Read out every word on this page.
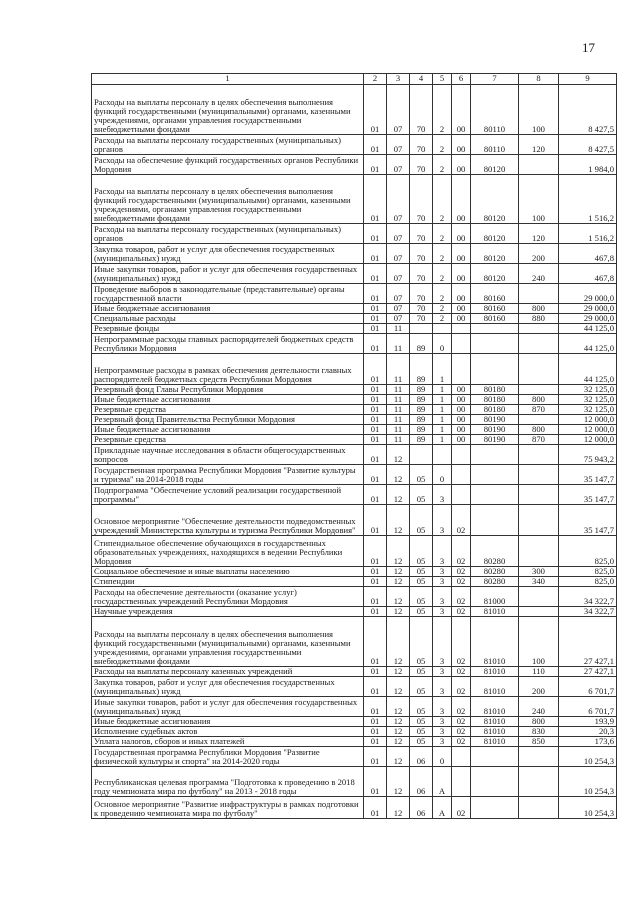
17
1	2	3	4	5	6	7	8	9
Расходы на выплаты персоналу в целях обеспечения выполнения функций государственными (муниципальными) органами, казенными учреждениями, органами управления государственными внебюджетными фондами	01	07	70	2	00	80110	100	8 427,5
Расходы на выплаты персоналу государственных (муниципальных) органов	01	07	70	2	00	80110	120	8 427,5
Расходы на обеспечение функций государственных органов Республики Мордовия	01	07	70	2	00	80120		1 984,0
Расходы на выплаты персоналу в целях обеспечения выполнения функций государственными (муниципальными) органами, казенными учреждениями, органами управления государственными внебюджетными фондами	01	07	70	2	00	80120	100	1 516,2
Расходы на выплаты персоналу государственных (муниципальных) органов	01	07	70	2	00	80120	120	1 516,2
Закупка товаров, работ и услуг для обеспечения государственных (муниципальных) нужд	01	07	70	2	00	80120	200	467,8
Иные закупки товаров, работ и услуг для обеспечения государственных (муниципальных) нужд	01	07	70	2	00	80120	240	467,8
Проведение выборов в законодательные (представительные) органы государственной власти	01	07	70	2	00	80160		29 000,0
Иные бюджетные ассигнования	01	07	70	2	00	80160	800	29 000,0
Специальные расходы	01	07	70	2	00	80160	880	29 000,0
Резервные фонды	01	11						44 125,0
Непрограммные расходы главных распорядителей бюджетных средств Республики Мордовия	01	11	89	0				44 125,0
Непрограммные расходы в рамках обеспечения деятельности главных распорядителей бюджетных средств Республики Мордовия	01	11	89	1				44 125,0
Резервный фонд Главы Республики Мордовия	01	11	89	1	00	80180		32 125,0
Иные бюджетные ассигнования	01	11	89	1	00	80180	800	32 125,0
Резервные средства	01	11	89	1	00	80180	870	32 125,0
Резервный фонд Правительства Республики Мордовия	01	11	89	1	00	80190		12 000,0
Иные бюджетные ассигнования	01	11	89	1	00	80190	800	12 000,0
Резервные средства	01	11	89	1	00	80190	870	12 000,0
Прикладные научные исследования в области общегосударственных вопросов	01	12						75 943,2
Государственная программа Республики Мордовия "Развитие культуры и туризма" на 2014-2018 годы	01	12	05	0				35 147,7
Подпрограмма "Обеспечение условий реализации государственной программы"	01	12	05	3				35 147,7
Основное мероприятие "Обеспечение деятельности подведомственных учреждений Министерства культуры и туризма Республики Мордовия"	01	12	05	3	02			35 147,7
Стипендиальное обеспечение обучающихся в государственных образовательных учреждениях, находящихся в ведении Республики Мордовия	01	12	05	3	02	80280		825,0
Социальное обеспечение и иные выплаты населению	01	12	05	3	02	80280	300	825,0
Стипендии	01	12	05	3	02	80280	340	825,0
Расходы на обеспечение деятельности (оказание услуг) государственных учреждений Республики Мордовия	01	12	05	3	02	81000		34 322,7
Научные учреждения	01	12	05	3	02	81010		34 322,7
Расходы на выплаты персоналу в целях обеспечения выполнения функций государственными (муниципальными) органами, казенными учреждениями, органами управления государственными внебюджетными фондами	01	12	05	3	02	81010	100	27 427,1
Расходы на выплаты персоналу казенных учреждений	01	12	05	3	02	81010	110	27 427,1
Закупка товаров, работ и услуг для обеспечения государственных (муниципальных) нужд	01	12	05	3	02	81010	200	6 701,7
Иные закупки товаров, работ и услуг для обеспечения государственных (муниципальных) нужд	01	12	05	3	02	81010	240	6 701,7
Иные бюджетные ассигнования	01	12	05	3	02	81010	800	193,9
Исполнение судебных актов	01	12	05	3	02	81010	830	20,3
Уплата налогов, сборов и иных платежей	01	12	05	3	02	81010	850	173,6
Государственная программа Республики Мордовия "Развитие физической культуры и спорта" на 2014-2020 годы	01	12	06	0				10 254,3
Республиканская целевая программа "Подготовка к проведению в 2018 году чемпионата мира по футболу" на 2013 - 2018 годы	01	12	06	А				10 254,3
Основное мероприятие "Развитие инфраструктуры в рамках подготовки к проведению чемпионата мира по футболу"	01	12	06	А	02			10 254,3
